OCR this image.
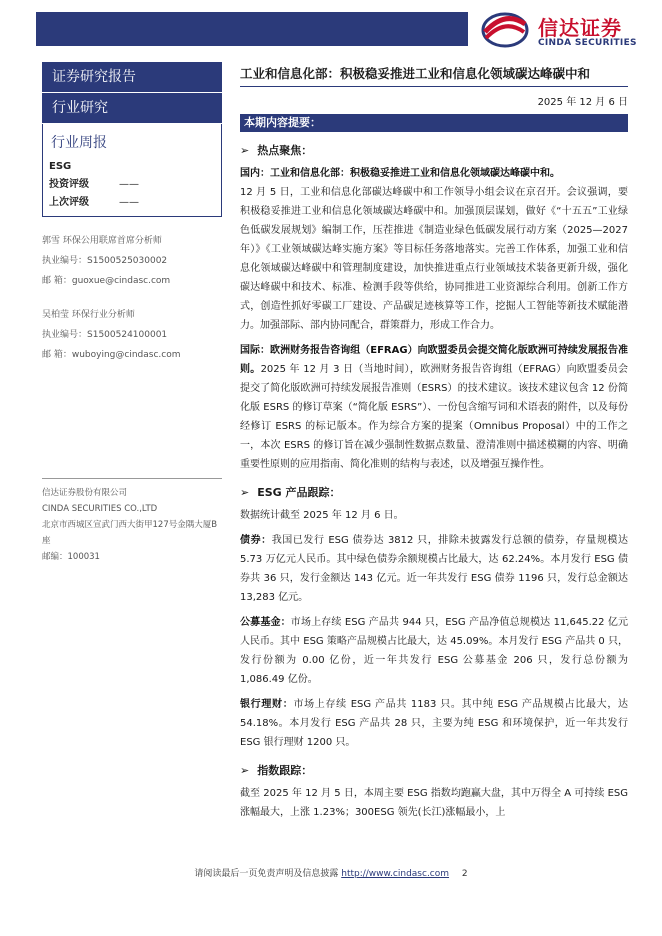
信达证券
CINDA SECURITIES
证券研究报告
行业研究
行业周报
ESG
投资评级	——
上次评级	——
郭雪 环保公用联席首席分析师
执业编号：S1500525030002
邮 箱：guoxue@cindasc.com
吴柏莹 环保行业分析师
执业编号：S1500524100001
邮 箱：wuboying@cindasc.com
信达证券股份有限公司
CINDA SECURITIES CO.,LTD
北京市西城区宣武门西大街甲127号金隅大厦B座
邮编：100031
工业和信息化部：积极稳妥推进工业和信息化领域碳达峰碳中和
2025 年 12 月 6 日
本期内容提要：
➢ 热点聚焦：

国内：工业和信息化部：积极稳妥推进工业和信息化领域碳达峰碳中和。
12 月 5 日，工业和信息化部碳达峰碳中和工作领导小组会议在京召开。会议强调，要积极稳妥推进工业和信息化领域碳达峰碳中和。加强顶层谋划，做好《“十五五”工业绿色低碳发展规划》编制工作，压茬推进《制造业绿色低碳发展行动方案（2025—2027 年）》《工业领域碳达峰实施方案》等目标任务落地落实。完善工作体系，加强工业和信息化领域碳达峰碳中和管理制度建设，加快推进重点行业领域技术装备更新升级，强化碳达峰碳中和技术、标准、检测手段等供给，协同推进工业资源综合利用。创新工作方式，创造性抓好零碳工厂建设、产品碳足迹核算等工作，挖掘人工智能等新技术赋能潜力。加强部际、部内协同配合，群策群力，形成工作合力。

国际：欧洲财务报告咨询组（EFRAG）向欧盟委员会提交简化版欧洲可持续发展报告准则。2025 年 12 月 3 日（当地时间），欧洲财务报告咨询组（EFRAG）向欧盟委员会提交了简化版欧洲可持续发展报告准则（ESRS）的技术建议。该技术建议包含 12 份简化版 ESRS 的修订草案（“简化版 ESRS”）、一份包含缩写词和术语表的附件，以及每份经修订 ESRS 的标记版本。作为综合方案的提案（Omnibus Proposal）中的工作之一，本次 ESRS 的修订旨在减少强制性数据点数量、澄清准则中描述模糊的内容、明确重要性原则的应用指南、简化准则的结构与表述，以及增强互操作性。

➢ ESG 产品跟踪：

数据统计截至 2025 年 12 月 6 日。

债券：我国已发行 ESG 债券达 3812 只，排除未披露发行总额的债券，存量规模达 5.73 万亿元人民币。其中绿色债券余额规模占比最大，达 62.24%。本月发行 ESG 债券共 36 只，发行金额达 143 亿元。近一年共发行 ESG 债券 1196 只，发行总金额达 13,283 亿元。

公募基金：市场上存续 ESG 产品共 944 只，ESG 产品净值总规模达 11,645.22 亿元人民币。其中 ESG 策略产品规模占比最大，达 45.09%。本月发行 ESG 产品共 0 只，发行份额为 0.00 亿份，近一年共发行 ESG 公募基金 206 只，发行总份额为 1,086.49 亿份。

银行理财：市场上存续 ESG 产品共 1183 只。其中纯 ESG 产品规模占比最大，达 54.18%。本月发行 ESG 产品共 28 只，主要为纯 ESG 和环境保护，近一年共发行 ESG 银行理财 1200 只。

➢ 指数跟踪：

截至 2025 年 12 月 5 日，本周主要 ESG 指数均跑赢大盘，其中万得全 A 可持续 ESG 涨幅最大，上涨 1.23%；300ESG 领先(长江)涨幅最小，上

请阅读最后一页免责声明及信息披露 http://www.cindasc.com 2
